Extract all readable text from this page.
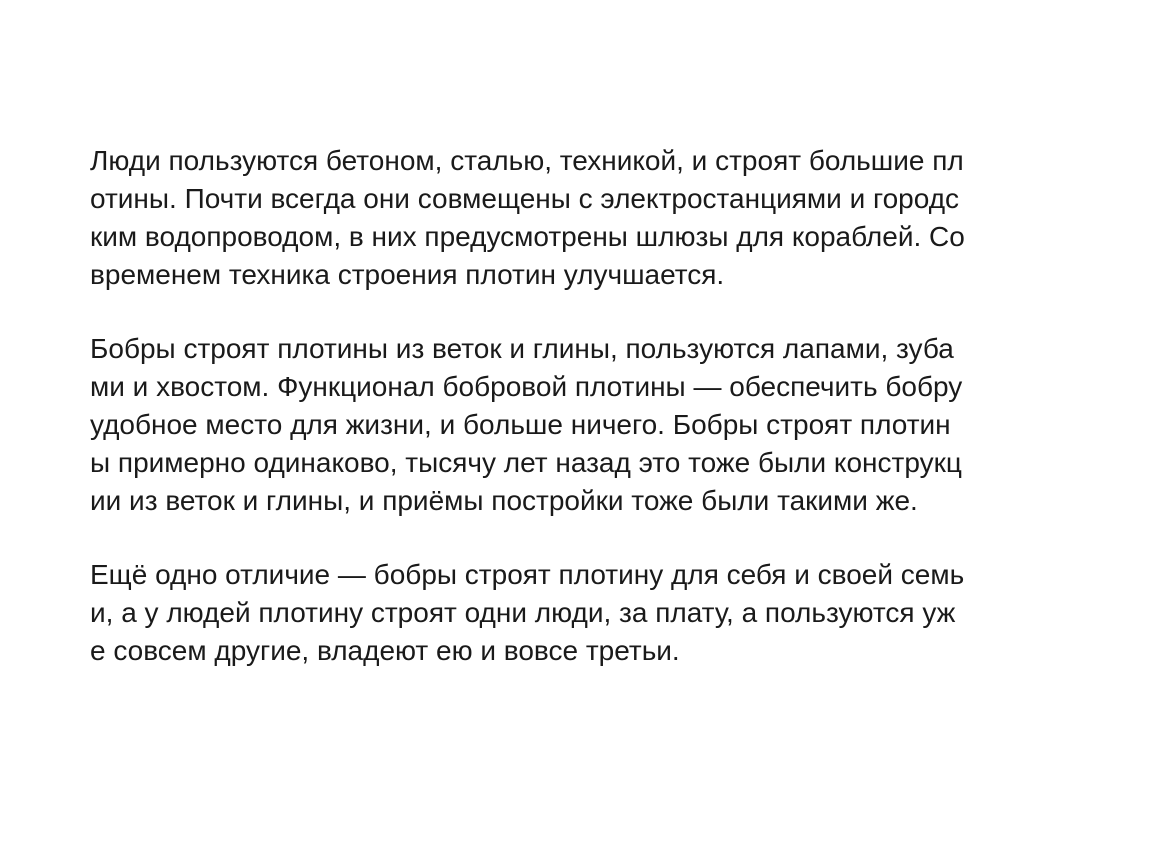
Люди пользуются бетоном, сталью, техникой, и строят большие пл
отины. Почти всегда они совмещены с электростанциями и городс
ким водопроводом, в них предусмотрены шлюзы для кораблей. Со
временем техника строения плотин улучшается.
Бобры строят плотины из веток и глины, пользуются лапами, зуба
ми и хвостом. Функционал бобровой плотины — обеспечить бобру
удобное место для жизни, и больше ничего. Бобры строят плотин
ы примерно одинаково, тысячу лет назад это тоже были конструкц
ии из веток и глины, и приёмы постройки тоже были такими же.
Ещё одно отличие — бобры строят плотину для себя и своей семь
и, а у людей плотину строят одни люди, за плату, а пользуются уж
е совсем другие, владеют ею и вовсе третьи.
